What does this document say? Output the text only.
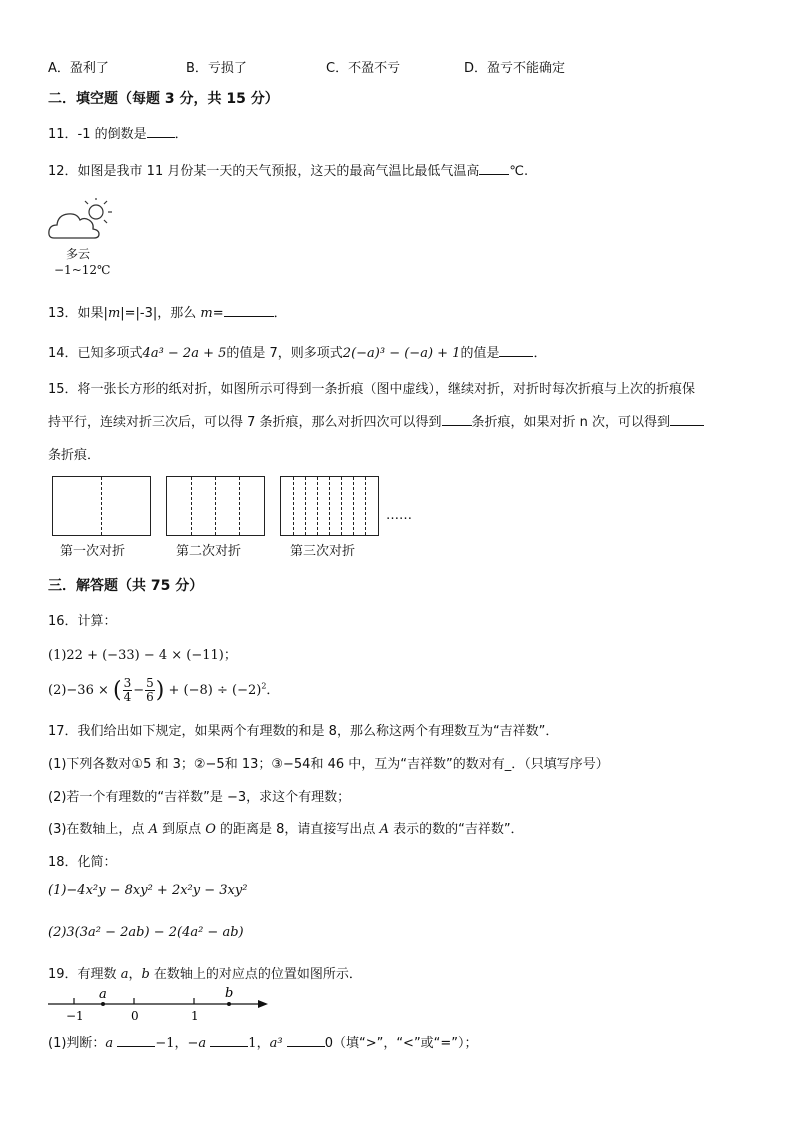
A．盈利了	B．亏损了	C．不盈不亏	D．盈亏不能确定
二．填空题（每题 3 分，共 15 分）
11．-1 的倒数是 ．
12．如图是我市 11 月份某一天的天气预报，这天的最高气温比最低气温高 ℃.
多云
−1~12℃
13．如果|m|=|-3|，那么 m=	．
14．已知多项式4a³ − 2a + 5的值是 7，则多项式2(−a)³ − (−a) + 1的值是	．
15．将一张长方形的纸对折，如图所示可得到一条折痕（图中虚线），继续对折，对折时每次折痕与上次的折痕保
持平行，连续对折三次后，可以得 7 条折痕，那么对折四次可以得到 条折痕，如果对折 n 次，可以得到
条折痕．
……
第一次对折	第二次对折	第三次对折
三．解答题（共 75 分）
16．计算：
(1)22 + (−33) − 4 × (−11)；
(2)−36 × ( $\frac{3}{4} - \frac{5}{6}$ ) + $(-8) \div (-2)^2$．
17．我们给出如下规定，如果两个有理数的和是 8，那么称这两个有理数互为“吉祥数”．
(1)下列各数对①5 和 3；②−5和 13；③−54和 46 中，互为“吉祥数”的数对有_．（只填写序号）
(2)若一个有理数的“吉祥数”是 −3，求这个有理数；
(3)在数轴上，点 A 到原点 O 的距离是 8，请直接写出点 A 表示的数的“吉祥数”．
18．化简：
(1)−4x²y − 8xy² + 2x²y − 3xy²
(2)3(3a² − 2ab) − 2(4a² − ab)
19．有理数 a，b 在数轴上的对应点的位置如图所示．
a	b
−1	0	1
(1)判断：a	−1，−a	1，a³	0（填“>”，“<”或“=”）；
